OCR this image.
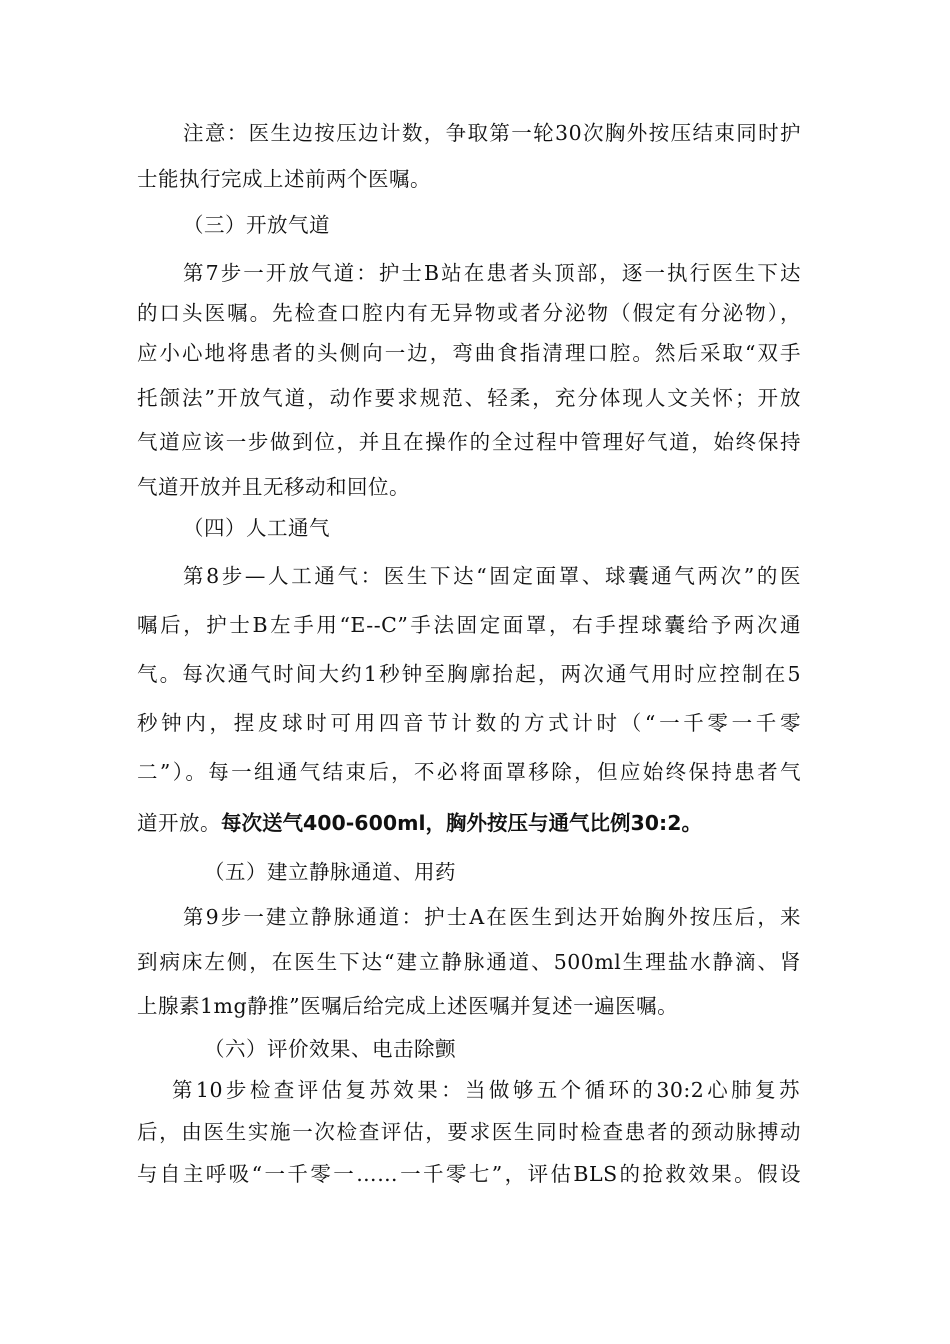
注意：医生边按压边计数，争取第一轮30次胸外按压结束同时护
士能执行完成上述前两个医嘱。
（三）开放气道
第7步一开放气道：护士B站在患者头顶部，逐一执行医生下达
的口头医嘱。先检查口腔内有无异物或者分泌物（假定有分泌物），
应小心地将患者的头侧向一边，弯曲食指清理口腔。然后采取“双手
托颌法”开放气道，动作要求规范、轻柔，充分体现人文关怀；开放
气道应该一步做到位，并且在操作的全过程中管理好气道，始终保持
气道开放并且无移动和回位。
（四）人工通气
第8步—人工通气：医生下达“固定面罩、球囊通气两次”的医
嘱后，护士B左手用“E--C”手法固定面罩，右手捏球囊给予两次通
气。每次通气时间大约1秒钟至胸廓抬起，两次通气用时应控制在5
秒钟内，捏皮球时可用四音节计数的方式计时（“一千零一千零
二”）。每一组通气结束后，不必将面罩移除，但应始终保持患者气
道开放。每次送气400-600ml，胸外按压与通气比例30:2。
（五）建立静脉通道、用药
第9步一建立静脉通道：护士A在医生到达开始胸外按压后，来
到病床左侧，在医生下达“建立静脉通道、500ml生理盐水静滴、肾
上腺素1mg静推”医嘱后给完成上述医嘱并复述一遍医嘱。
（六）评价效果、电击除颤
第10步检查评估复苏效果：当做够五个循环的30:2心肺复苏
后，由医生实施一次检查评估，要求医生同时检查患者的颈动脉搏动
与自主呼吸“一千零一……一千零七”，评估BLS的抢救效果。假设
